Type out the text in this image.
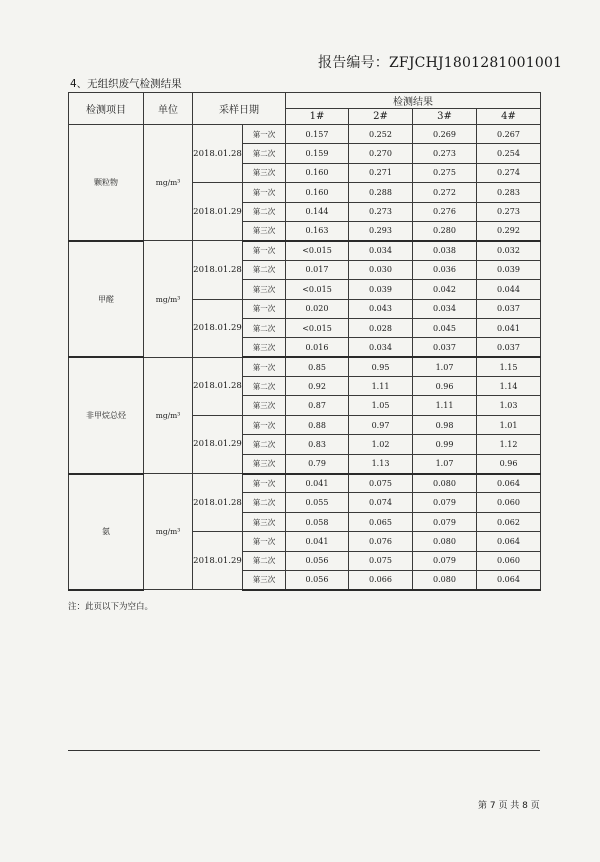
报告编号：ZFJCHJ1801281001001
4、无组织废气检测结果
检测项目	单位	采样日期		检测结果			
				1#	2#	3#	4#
颗粒物	mg/m³	2018.01.28	第一次	0.157	0.252	0.269	0.267
			第二次	0.159	0.270	0.273	0.254
			第三次	0.160	0.271	0.275	0.274
		2018.01.29	第一次	0.160	0.288	0.272	0.283
			第二次	0.144	0.273	0.276	0.273
			第三次	0.163	0.293	0.280	0.292
甲醛	mg/m³	2018.01.28	第一次	<0.015	0.034	0.038	0.032
			第二次	0.017	0.030	0.036	0.039
			第三次	<0.015	0.039	0.042	0.044
		2018.01.29	第一次	0.020	0.043	0.034	0.037
			第二次	<0.015	0.028	0.045	0.041
			第三次	0.016	0.034	0.037	0.037
非甲烷总烃	mg/m³	2018.01.28	第一次	0.85	0.95	1.07	1.15
			第二次	0.92	1.11	0.96	1.14
			第三次	0.87	1.05	1.11	1.03
		2018.01.29	第一次	0.88	0.97	0.98	1.01
			第二次	0.83	1.02	0.99	1.12
			第三次	0.79	1.13	1.07	0.96
氨	mg/m³	2018.01.28	第一次	0.041	0.075	0.080	0.064
			第二次	0.055	0.074	0.079	0.060
			第三次	0.058	0.065	0.079	0.062
		2018.01.29	第一次	0.041	0.076	0.080	0.064
			第二次	0.056	0.075	0.079	0.060
			第三次	0.056	0.066	0.080	0.064
注：此页以下为空白。
第 7 页 共 8 页
